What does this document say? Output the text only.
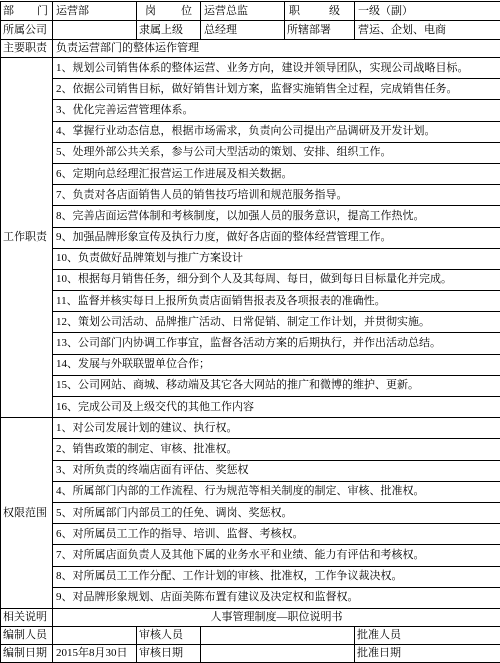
部 门	运营部	岗 位	运营总监	职 级	一级（副）
所属公司		隶属上级	总经理	所辖部署	营运、企划、电商
主要职责	负责运营部门的整体运作管理				
工作职责	1、规划公司销售体系的整体运营、业务方向，建设并领导团队，实现公司战略目标。				
	2、依据公司销售目标，做好销售计划方案，监督实施销售全过程，完成销售任务。				
	3、优化完善运营管理体系。				
	4、掌握行业动态信息，根据市场需求，负责向公司提出产品调研及开发计划。				
	5、处理外部公共关系，参与公司大型活动的策划、安排、组织工作。				
	6、定期向总经理汇报营运工作进展及相关数据。				
	7、负责对各店面销售人员的销售技巧培训和规范服务指导。				
	8、完善店面运营体制和考核制度，以加强人员的服务意识，提高工作热忱。				
	9、加强品牌形象宣传及执行力度，做好各店面的整体经营管理工作。				
	10、负责做好品牌策划与推广方案设计				
	10、根据每月销售任务，细分到个人及其每周、每日，做到每日目标量化并完成。				
	11、监督并核实每日上报所负责店面销售报表及各项报表的准确性。				
	12、策划公司活动、品牌推广活动、日常促销、制定工作计划，并贯彻实施。				
	13、公司部门内协调工作事宜，监督各活动方案的后期执行，并作出活动总结。				
	14、发展与外联联盟单位合作；				
	15、公司网站、商城、移动端及其它各大网站的推广和微博的维护、更新。				
	16、完成公司及上级交代的其他工作内容				
权限范围	1、对公司发展计划的建议、执行权。				
	2、销售政策的制定、审核、批准权。				
	3、对所负责的终端店面有评估、奖惩权				
	4、所属部门内部的工作流程、行为规范等相关制度的制定、审核、批准权。				
	5、对所属部门内部员工的任免、调岗、奖惩权。				
	6、对所属员工工作的指导、培训、监督、考核权。				
	7、对所属店面负责人及其他下属的业务水平和业绩、能力有评估和考核权。				
	8、对所属员工工作分配、工作计划的审核、批准权，工作争议裁决权。				
	9、对品牌形象规划、店面美陈布置有建议及决定权和监督权。				
相关说明	人事管理制度—职位说明书				
编制人员		审核人员			批准人员
编制日期	2015年8月30日	审核日期			批准日期
